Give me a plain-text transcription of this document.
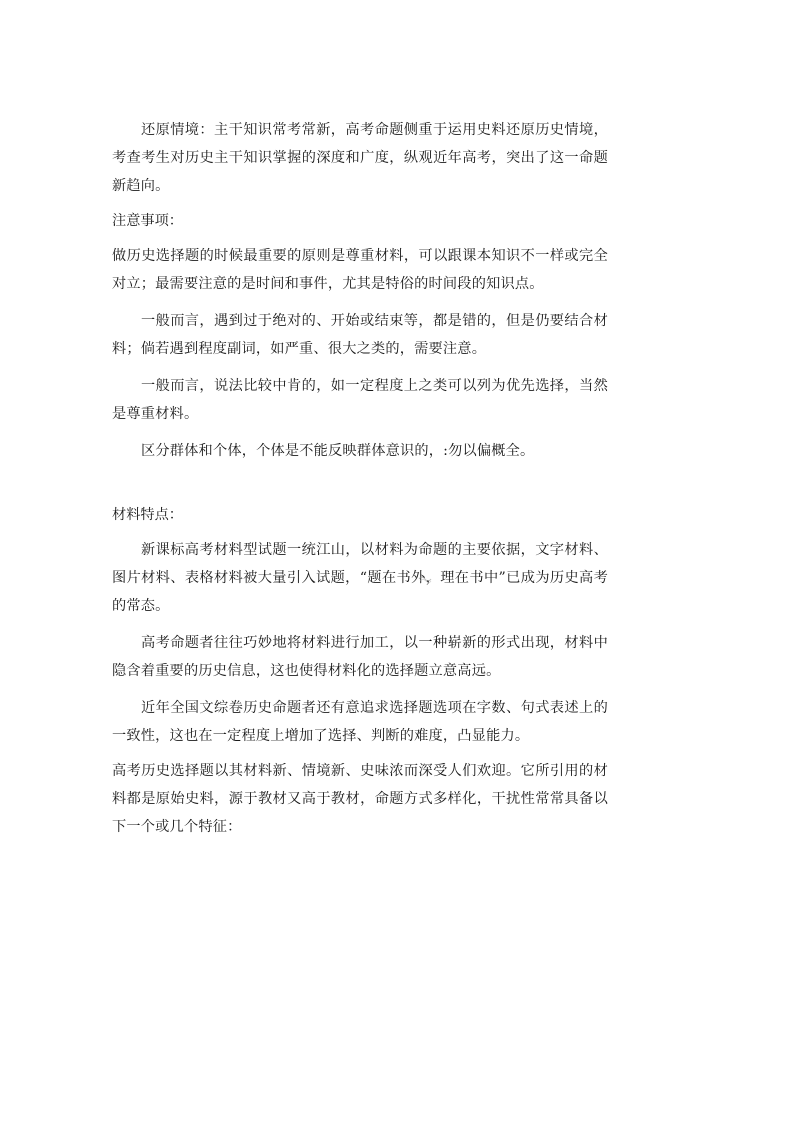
还原情境：主干知识常考常新，高考命题侧重于运用史料还原历史情境，考查考生对历史主干知识掌握的深度和广度，纵观近年高考，突出了这一命题新趋向。

注意事项：

做历史选择题的时候最重要的原则是尊重材料，可以跟课本知识不一样或完全对立；最需要注意的是时间和事件，尤其是特俗的时间段的知识点。

一般而言，遇到过于绝对的、开始或结束等，都是错的，但是仍要结合材料；倘若遇到程度副词，如严重、很大之类的，需要注意。

一般而言，说法比较中肯的，如一定程度上之类可以列为优先选择，当然是尊重材料。

区分群体和个体，个体是不能反映群体意识的，:勿以偏概全。

材料特点：

新课标高考材料型试题一统江山，以材料为命题的主要依据，文字材料、图片材料、表格材料被大量引入试题，“题在书外，理在书中”已成为历史高考的常态。

高考命题者往往巧妙地将材料进行加工，以一种崭新的形式出现，材料中隐含着重要的历史信息，这也使得材料化的选择题立意高远。

近年全国文综卷历史命题者还有意追求选择题选项在字数、句式表述上的一致性，这也在一定程度上增加了选择、判断的难度，凸显能力。

高考历史选择题以其材料新、情境新、史味浓而深受人们欢迎。它所引用的材料都是原始史料，源于教材又高于教材，命题方式多样化，干扰性常常具备以下一个或几个特征：
